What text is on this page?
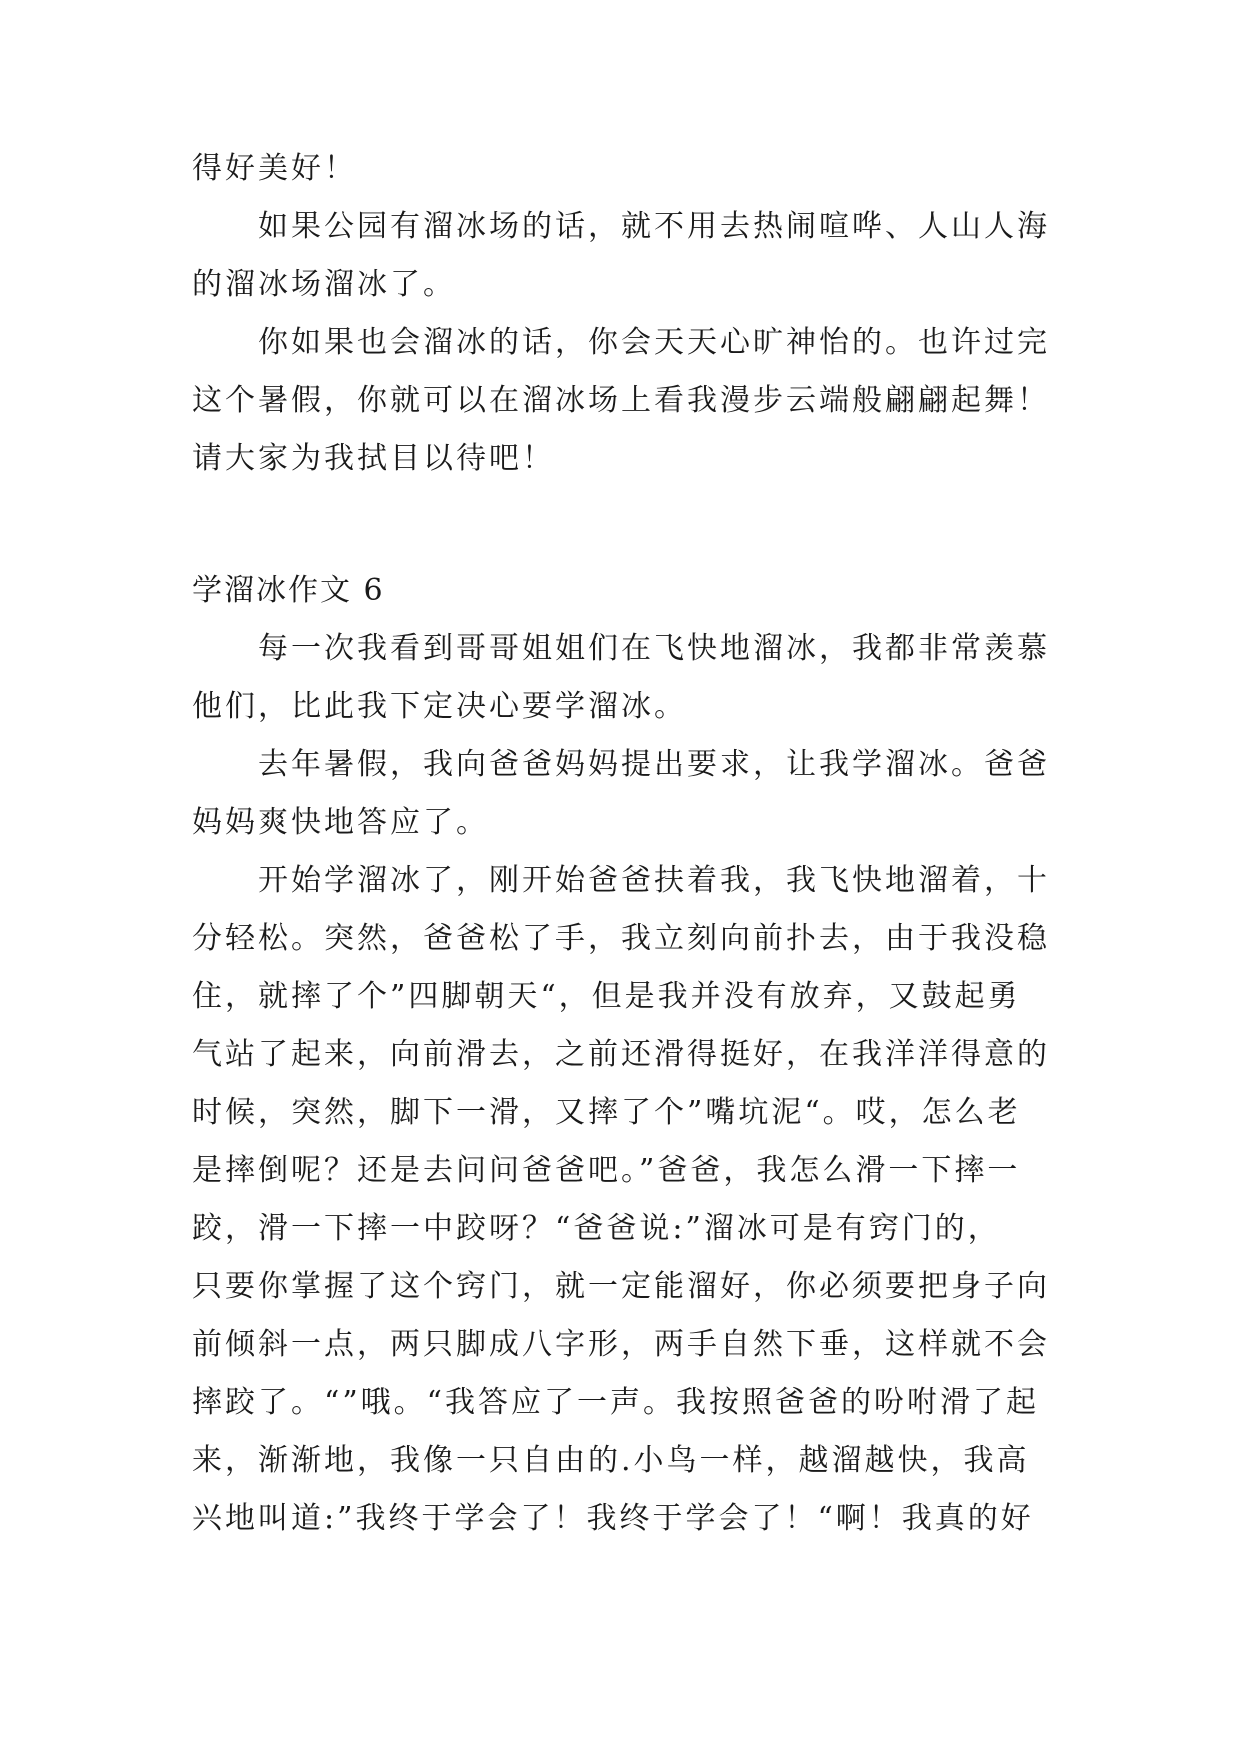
得好美好！
如果公园有溜冰场的话，就不用去热闹喧哗、人山人海
的溜冰场溜冰了。
你如果也会溜冰的话，你会天天心旷神怡的。也许过完
这个暑假，你就可以在溜冰场上看我漫步云端般翩翩起舞！
请大家为我拭目以待吧！
学溜冰作文 6
每一次我看到哥哥姐姐们在飞快地溜冰，我都非常羡慕
他们，比此我下定决心要学溜冰。
去年暑假，我向爸爸妈妈提出要求，让我学溜冰。爸爸
妈妈爽快地答应了。
开始学溜冰了，刚开始爸爸扶着我，我飞快地溜着，十
分轻松。突然，爸爸松了手，我立刻向前扑去，由于我没稳
住，就摔了个”四脚朝天“，但是我并没有放弃，又鼓起勇
气站了起来，向前滑去，之前还滑得挺好，在我洋洋得意的
时候，突然，脚下一滑，又摔了个”嘴坑泥“。哎，怎么老
是摔倒呢？还是去问问爸爸吧。”爸爸，我怎么滑一下摔一
跤，滑一下摔一中跤呀？“爸爸说:”溜冰可是有窍门的，
只要你掌握了这个窍门，就一定能溜好，你必须要把身子向
前倾斜一点，两只脚成八字形，两手自然下垂，这样就不会
摔跤了。“”哦。“我答应了一声。我按照爸爸的吩咐滑了起
来，渐渐地，我像一只自由的.小鸟一样，越溜越快，我高
兴地叫道:”我终于学会了！我终于学会了！“啊！我真的好
